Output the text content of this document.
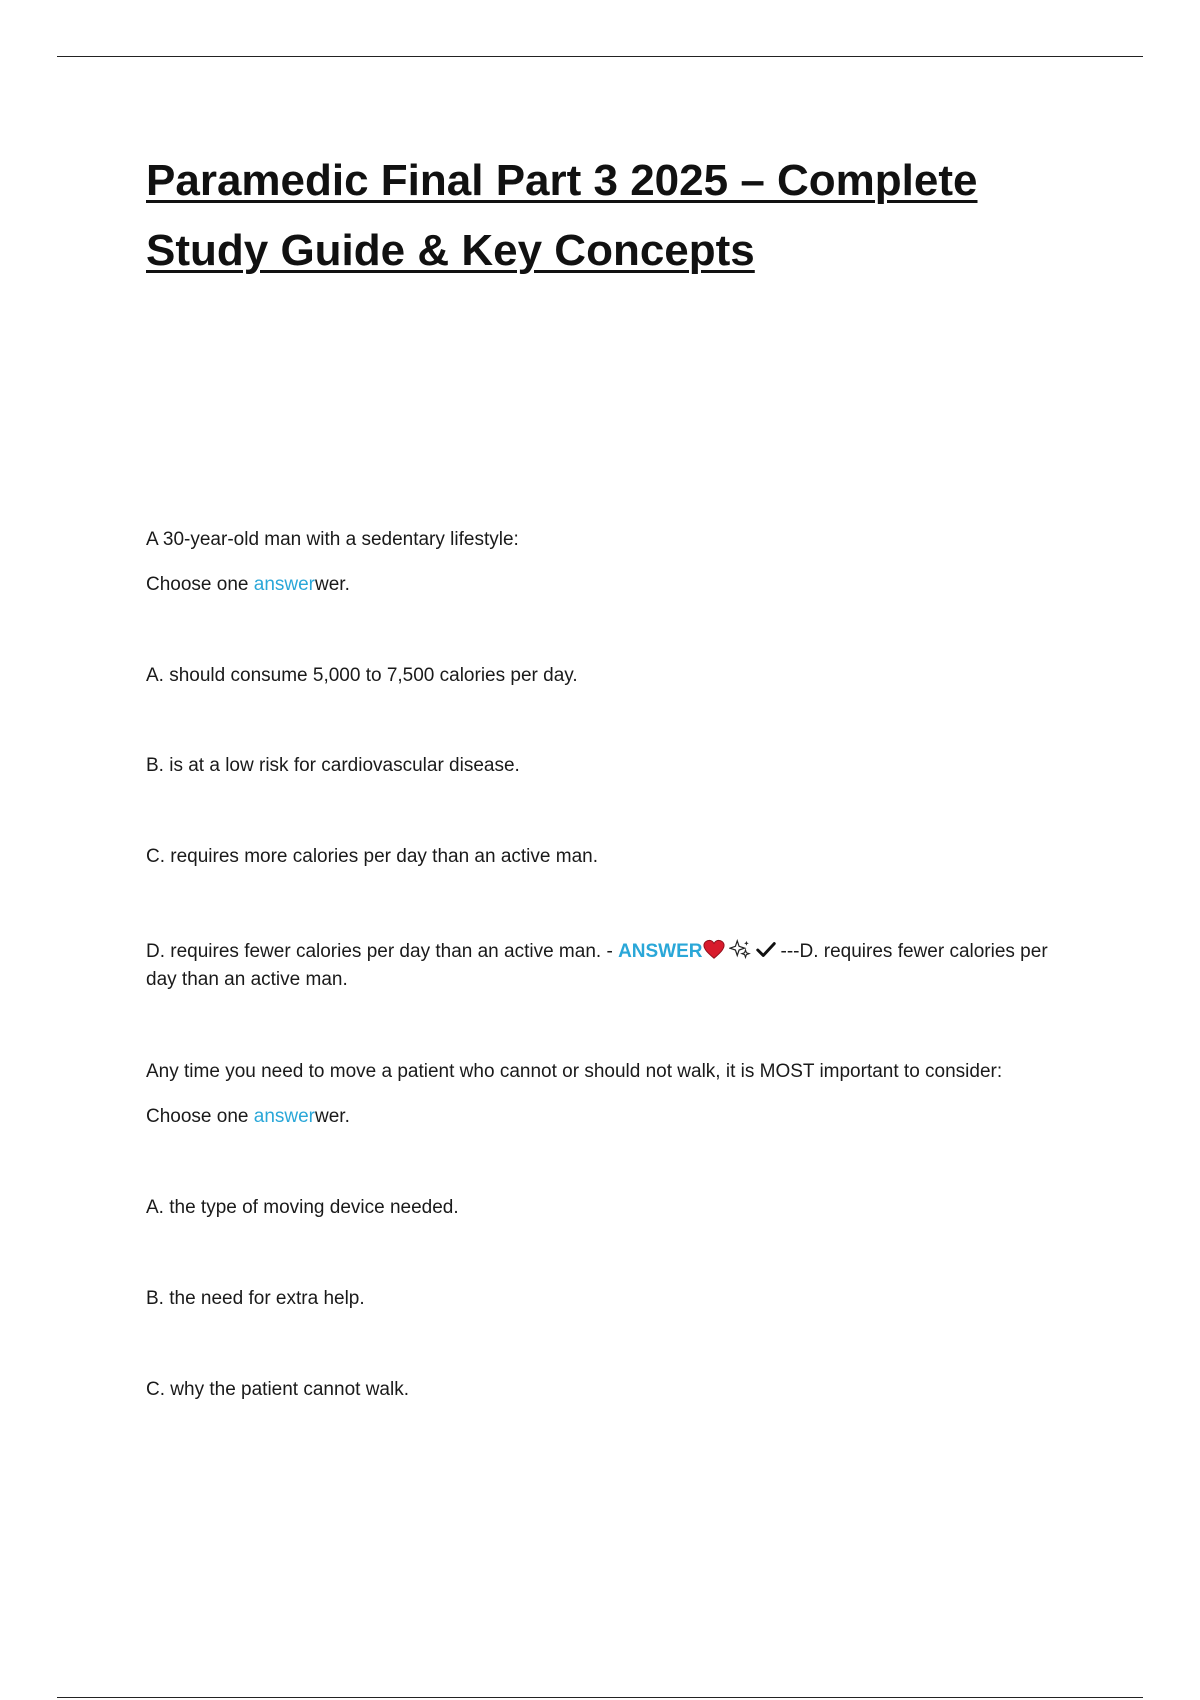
Paramedic Final Part 3 2025 – Complete Study Guide & Key Concepts

A 30-year-old man with a sedentary lifestyle:

Choose one answerwer.

A. should consume 5,000 to 7,500 calories per day.

B. is at a low risk for cardiovascular disease.

C. requires more calories per day than an active man.

D. requires fewer calories per day than an active man. - ANSWER	---D. requires fewer calories per day than an active man.

Any time you need to move a patient who cannot or should not walk, it is MOST important to consider:

Choose one answerwer.

A. the type of moving device needed.

B. the need for extra help.

C. why the patient cannot walk.
